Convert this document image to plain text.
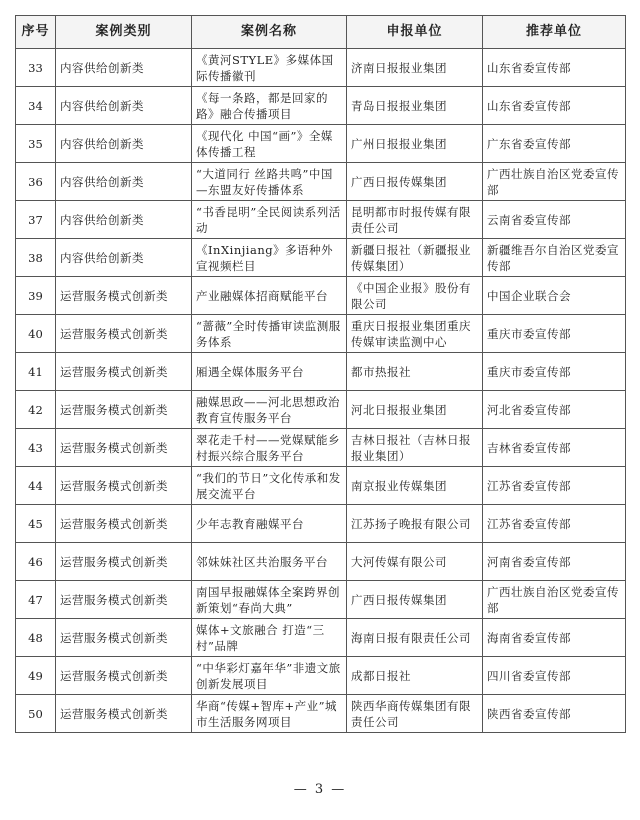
序号	案例类别	案例名称	申报单位	推荐单位
33	内容供给创新类	《黄河STYLE》多媒体国际传播徽刊	济南日报报业集团	山东省委宣传部
34	内容供给创新类	《每一条路，都是回家的路》融合传播项目	青岛日报报业集团	山东省委宣传部
35	内容供给创新类	《现代化 中国“画”》全媒体传播工程	广州日报报业集团	广东省委宣传部
36	内容供给创新类	“大道同行 丝路共鸣”中国—东盟友好传播体系	广西日报传媒集团	广西壮族自治区党委宣传部
37	内容供给创新类	“书香昆明”全民阅读系列活动	昆明都市时报传媒有限责任公司	云南省委宣传部
38	内容供给创新类	《InXinjiang》多语种外宣视频栏目	新疆日报社（新疆报业传媒集团）	新疆维吾尔自治区党委宣传部
39	运营服务模式创新类	产业融媒体招商赋能平台	《中国企业报》股份有限公司	中国企业联合会
40	运营服务模式创新类	“蔷薇”全时传播审读监测服务体系	重庆日报报业集团重庆传媒审读监测中心	重庆市委宣传部
41	运营服务模式创新类	厢遇全媒体服务平台	都市热报社	重庆市委宣传部
42	运营服务模式创新类	融媒思政——河北思想政治教育宣传服务平台	河北日报报业集团	河北省委宣传部
43	运营服务模式创新类	翠花走千村——党媒赋能乡村振兴综合服务平台	吉林日报社（吉林日报报业集团）	吉林省委宣传部
44	运营服务模式创新类	“我们的节日”文化传承和发展交流平台	南京报业传媒集团	江苏省委宣传部
45	运营服务模式创新类	少年志教育融媒平台	江苏扬子晚报有限公司	江苏省委宣传部
46	运营服务模式创新类	邻妹妹社区共治服务平台	大河传媒有限公司	河南省委宣传部
47	运营服务模式创新类	南国早报融媒体全案跨界创新策划“春尚大典”	广西日报传媒集团	广西壮族自治区党委宣传部
48	运营服务模式创新类	媒体+文旅融合 打造“三村”品牌	海南日报有限责任公司	海南省委宣传部
49	运营服务模式创新类	“中华彩灯嘉年华”非遗文旅创新发展项目	成都日报社	四川省委宣传部
50	运营服务模式创新类	华商“传媒+智库+产业”城市生活服务网项目	陕西华商传媒集团有限责任公司	陕西省委宣传部
— 3 —
